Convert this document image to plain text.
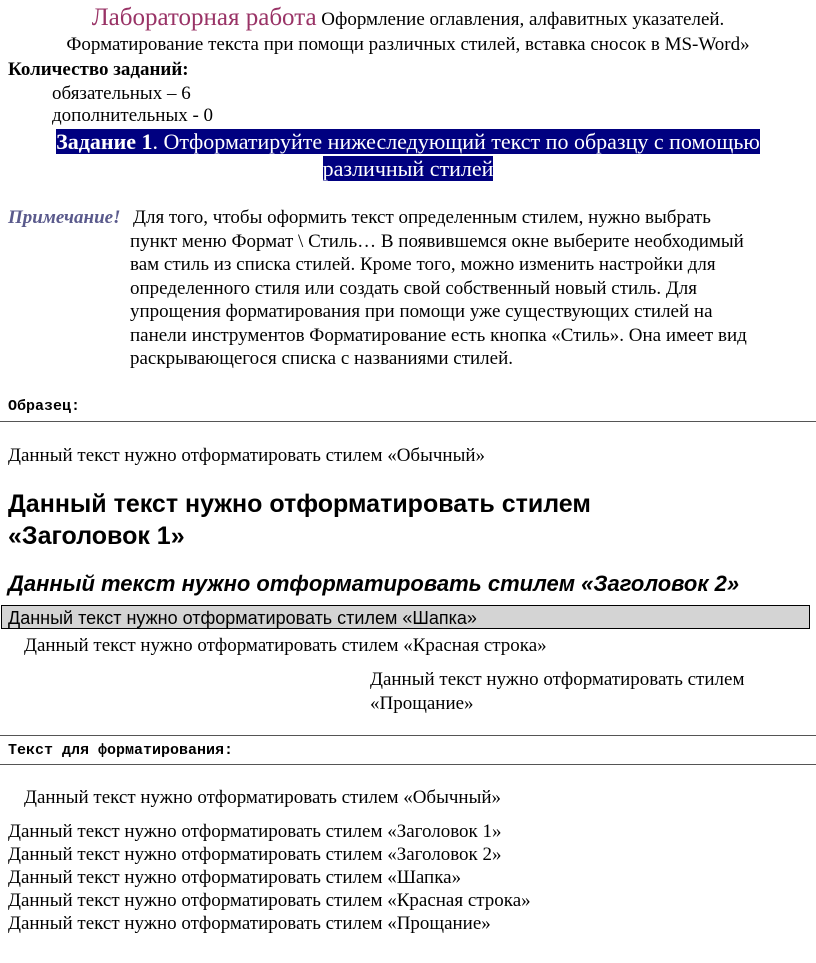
Лабораторная работа Оформление оглавления, алфавитных указателей.
Форматирование текста при помощи различных стилей, вставка сносок в MS-Word»
Количество заданий:
обязательных – 6
дополнительных - 0
Задание 1. Отформатируйте нижеследующий текст по образцу с помощью различный стилей
Примечание! Для того, чтобы оформить текст определенным стилем, нужно выбрать
пункт меню Формат \ Стиль… В появившемся окне выберите необходимый
вам стиль из списка стилей. Кроме того, можно изменить настройки для
определенного стиля или создать свой собственный новый стиль. Для
упрощения форматирования при помощи уже существующих стилей на
панели инструментов Форматирование есть кнопка «Стиль». Она имеет вид
раскрывающегося списка с названиями стилей.
Образец:
Данный текст нужно отформатировать стилем «Обычный»
Данный текст нужно отформатировать стилем «Заголовок 1»
Данный текст нужно отформатировать стилем «Заголовок 2»
Данный текст нужно отформатировать стилем «Шапка»
Данный текст нужно отформатировать стилем «Красная строка»
Данный текст нужно отформатировать стилем «Прощание»
Текст для форматирования:
Данный текст нужно отформатировать стилем «Обычный»
Данный текст нужно отформатировать стилем «Заголовок 1»
Данный текст нужно отформатировать стилем «Заголовок 2»
Данный текст нужно отформатировать стилем «Шапка»
Данный текст нужно отформатировать стилем «Красная строка»
Данный текст нужно отформатировать стилем «Прощание»
